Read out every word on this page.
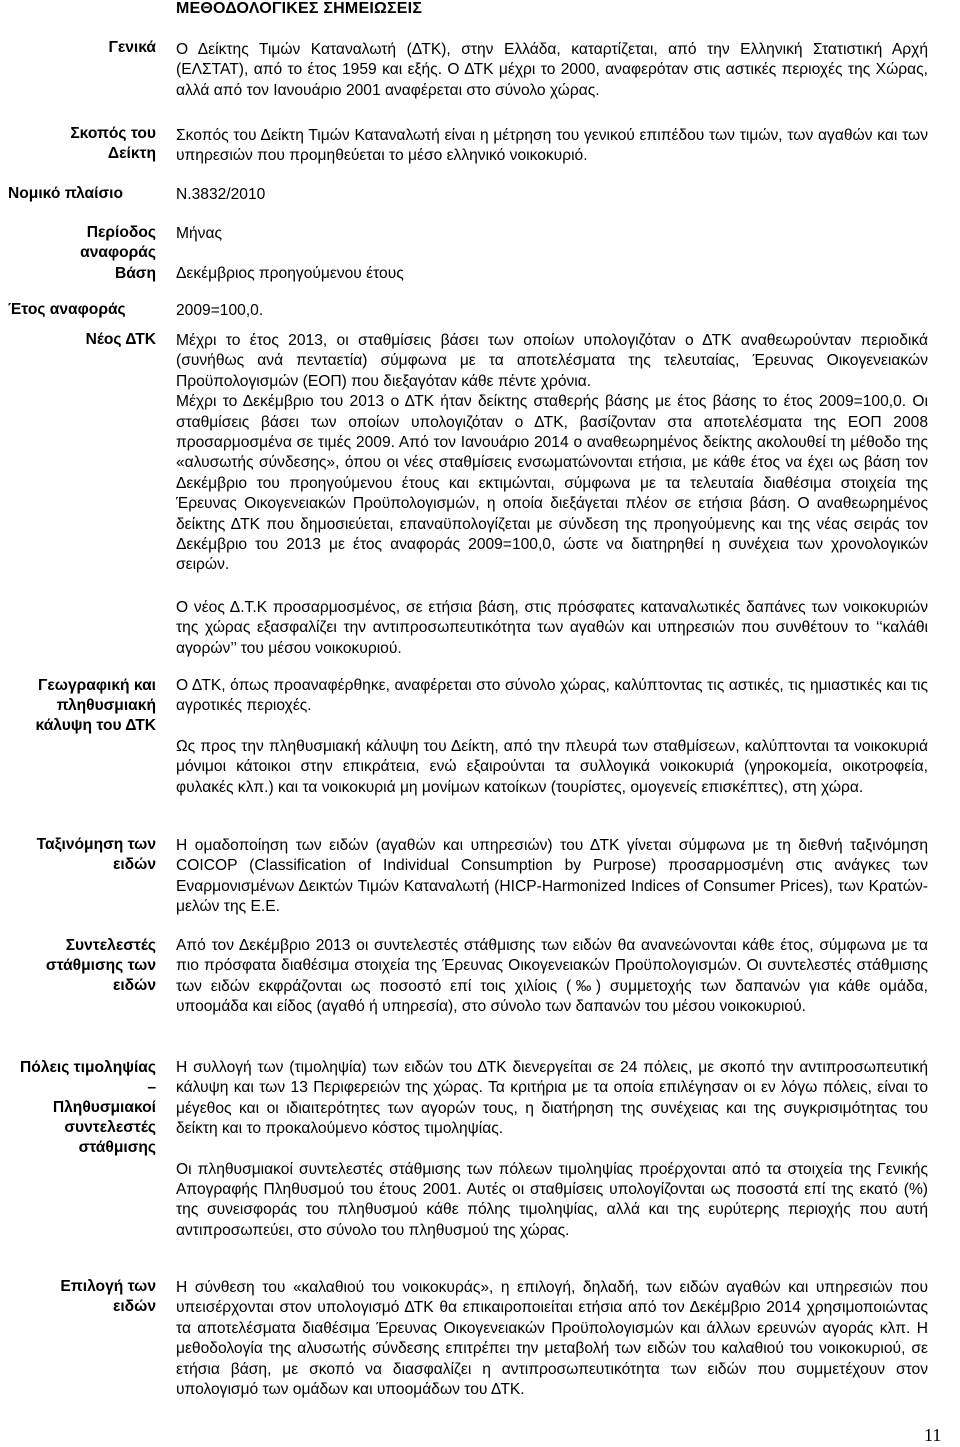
ΜΕΘΟΔΟΛΟΓΙΚΕΣ ΣΗΜΕΙΩΣΕΙΣ
Γενικά Ο Δείκτης Τιμών Καταναλωτή (ΔΤΚ), στην Ελλάδα, καταρτίζεται, από την Ελληνική Στατιστική Αρχή (ΕΛΣΤΑΤ), από το έτος 1959 και εξής. Ο ΔΤΚ μέχρι το 2000, αναφερόταν στις αστικές περιοχές της Χώρας, αλλά από τον Ιανουάριο 2001 αναφέρεται στο σύνολο χώρας.

Σκοπός του
Δείκτη

Σκοπός του Δείκτη Τιμών Καταναλωτή είναι η μέτρηση του γενικού επιπέδου των τιμών, των αγαθών και των υπηρεσιών που προμηθεύεται το μέσο ελληνικό νοικοκυριό.

Νομικό πλαίσιο	Ν.3832/2010

Περίοδος
αναφοράς

Μήνας

Βάση Δεκέμβριος προηγούμενου έτους

Έτος αναφοράς	2009=100,0.

Νέος ΔΤΚ Μέχρι το έτος 2013, οι σταθμίσεις βάσει των οποίων υπολογιζόταν ο ΔΤΚ αναθεωρούνταν περιοδικά (συνήθως ανά πενταετία) σύμφωνα με τα αποτελέσματα της τελευταίας, Έρευνας Οικογενειακών Προϋπολογισμών (ΕΟΠ) που διεξαγόταν κάθε πέντε χρόνια.

Μέχρι το Δεκέμβριο του 2013 ο ΔΤΚ ήταν δείκτης σταθερής βάσης με έτος βάσης το έτος 2009=100,0. Οι σταθμίσεις βάσει των οποίων υπολογιζόταν ο ΔΤΚ, βασίζονταν στα αποτελέσματα της ΕΟΠ 2008 προσαρμοσμένα σε τιμές 2009. Από τον Ιανουάριο 2014 ο αναθεωρημένος δείκτης ακολουθεί τη μέθοδο της «αλυσωτής σύνδεσης», όπου οι νέες σταθμίσεις ενσωματώνονται ετήσια, με κάθε έτος να έχει ως βάση τον Δεκέμβριο του προηγούμενου έτους και εκτιμώνται, σύμφωνα με τα τελευταία διαθέσιμα στοιχεία της Έρευνας Οικογενειακών Προϋπολογισμών, η οποία διεξάγεται πλέον σε ετήσια βάση. Ο αναθεωρημένος δείκτης ΔΤΚ που δημοσιεύεται, επαναϋπολογίζεται με σύνδεση της προηγούμενης και της νέας σειράς τον Δεκέμβριο του 2013 με έτος αναφοράς 2009=100,0, ώστε να διατηρηθεί η συνέχεια των χρονολογικών σειρών.

Ο νέος Δ.Τ.Κ προσαρμοσμένος, σε ετήσια βάση, στις πρόσφατες καταναλωτικές δαπάνες των νοικοκυριών της χώρας εξασφαλίζει την αντιπροσωπευτικότητα των αγαθών και υπηρεσιών που συνθέτουν το ‘‘καλάθι αγορών’’ του μέσου νοικοκυριού.

Γεωγραφική και
πληθυσμιακή
κάλυψη του ΔΤΚ

Ο ΔΤΚ, όπως προαναφέρθηκε, αναφέρεται στο σύνολο χώρας, καλύπτοντας τις αστικές, τις ημιαστικές και τις αγροτικές περιοχές.

Ως προς την πληθυσμιακή κάλυψη του Δείκτη, από την πλευρά των σταθμίσεων, καλύπτονται τα νοικοκυριά μόνιμοι κάτοικοι στην επικράτεια, ενώ εξαιρούνται τα συλλογικά νοικοκυριά (γηροκομεία, οικοτροφεία, φυλακές κλπ.) και τα νοικοκυριά μη μονίμων κατοίκων (τουρίστες, ομογενείς επισκέπτες), στη χώρα.

Ταξινόμηση των
ειδών

Η ομαδοποίηση των ειδών (αγαθών και υπηρεσιών) του ΔΤΚ γίνεται σύμφωνα με τη διεθνή ταξινόμηση COICOP (Classification of Individual Consumption by Purpose) προσαρμοσμένη στις ανάγκες των Εναρμονισμένων Δεικτών Τιμών Καταναλωτή (HICP-Harmonized Indices of Consumer Prices), των Κρατών-μελών της Ε.Ε.

Συντελεστές
στάθμισης των
ειδών

Από τον Δεκέμβριο 2013 οι συντελεστές στάθμισης των ειδών θα ανανεώνονται κάθε έτος, σύμφωνα με τα πιο πρόσφατα διαθέσιμα στοιχεία της Έρευνας Οικογενειακών Προϋπολογισμών. Οι συντελεστές στάθμισης των ειδών εκφράζονται ως ποσοστό επί τοις χιλίοις (‰) συμμετοχής των δαπανών για κάθε ομάδα, υποομάδα και είδος (αγαθό ή υπηρεσία), στο σύνολο των δαπανών του μέσου νοικοκυριού.

Πόλεις τιμοληψίας
–
Πληθυσμιακοί
συντελεστές
στάθμισης

Η συλλογή των (τιμοληψία) των ειδών του ΔΤΚ διενεργείται σε 24 πόλεις, με σκοπό την αντιπροσωπευτική κάλυψη και των 13 Περιφερειών της χώρας. Τα κριτήρια με τα οποία επιλέγησαν οι εν λόγω πόλεις, είναι το μέγεθος και οι ιδιαιτερότητες των αγορών τους, η διατήρηση της συνέχειας και της συγκρισιμότητας του δείκτη και το προκαλούμενο κόστος τιμοληψίας.

Οι πληθυσμιακοί συντελεστές στάθμισης των πόλεων τιμοληψίας προέρχονται από τα στοιχεία της Γενικής Απογραφής Πληθυσμού του έτους 2001. Αυτές οι σταθμίσεις υπολογίζονται ως ποσοστά επί της εκατό (%) της συνεισφοράς του πληθυσμού κάθε πόλης τιμοληψίας, αλλά και της ευρύτερης περιοχής που αυτή αντιπροσωπεύει, στο σύνολο του πληθυσμού της χώρας.

Επιλογή των
ειδών

Η σύνθεση του «καλαθιού του νοικοκυράς», η επιλογή, δηλαδή, των ειδών αγαθών και υπηρεσιών που υπεισέρχονται στον υπολογισμό ΔΤΚ θα επικαιροποιείται ετήσια από τον Δεκέμβριο 2014 χρησιμοποιώντας τα αποτελέσματα διαθέσιμα Έρευνας Οικογενειακών Προϋπολογισμών και άλλων ερευνών αγοράς κλπ. Η μεθοδολογία της αλυσωτής σύνδεσης επιτρέπει την μεταβολή των ειδών του καλαθιού του νοικοκυριού, σε ετήσια βάση, με σκοπό να διασφαλίζει η αντιπροσωπευτικότητα των ειδών που συμμετέχουν στον υπολογισμό των ομάδων και υποομάδων του ΔΤΚ.

11
